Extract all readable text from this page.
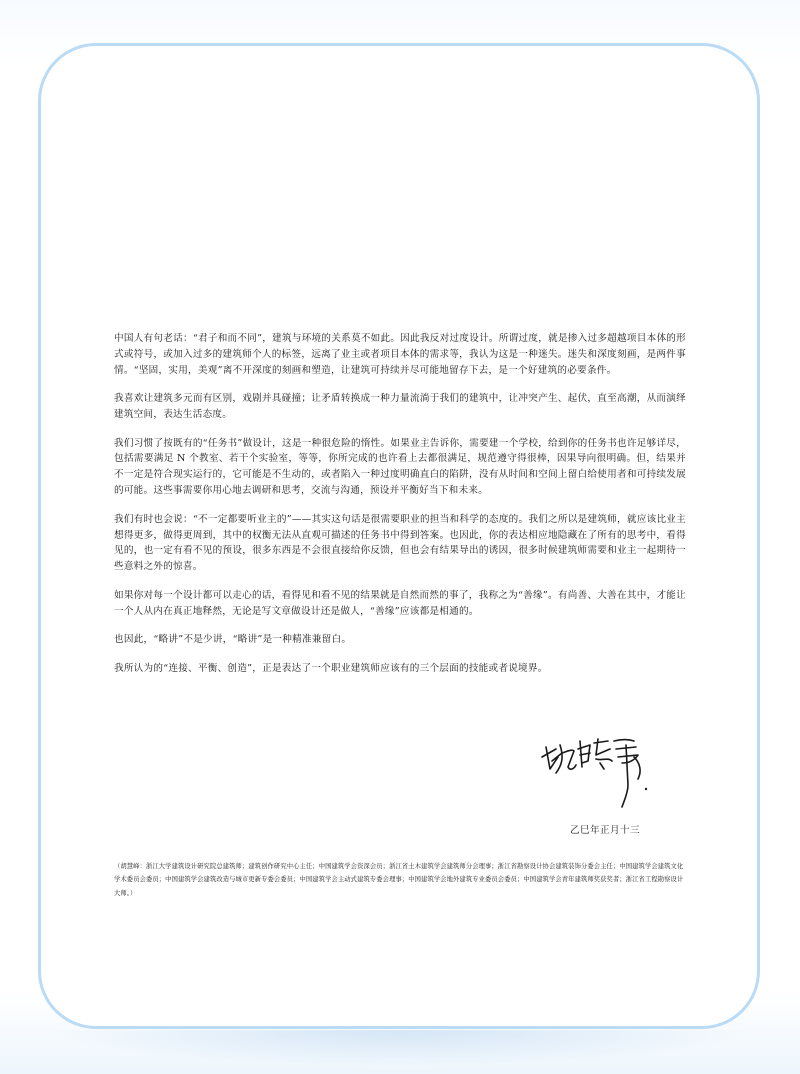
中国人有句老话：“君子和而不同”，建筑与环境的关系莫不如此。因此我反对过度设计。所谓过度，就是掺入过多超越项目本体的形式或符号，或加入过多的建筑师个人的标签，远离了业主或者项目本体的需求等，我认为这是一种迷失。迷失和深度刻画，是两件事情。“坚固，实用，美观”离不开深度的刻画和塑造，让建筑可持续并尽可能地留存下去，是一个好建筑的必要条件。

我喜欢让建筑多元而有区别，戏剧并具碰撞；让矛盾转换成一种力量流淌于我们的建筑中，让冲突产生、起伏，直至高潮，从而演绎建筑空间，表达生活态度。

我们习惯了按既有的“任务书”做设计，这是一种很危险的惰性。如果业主告诉你，需要建一个学校，给到你的任务书也许足够详尽，包括需要满足 N 个教室、若干个实验室，等等，你所完成的也许看上去都很满足，规范遵守得很棒，因果导向很明确。但，结果并不一定是符合现实运行的，它可能是不生动的，或者陷入一种过度明确直白的陷阱，没有从时间和空间上留白给使用者和可持续发展的可能。这些事需要你用心地去调研和思考，交流与沟通，预设并平衡好当下和未来。

我们有时也会说：“不一定都要听业主的”——其实这句话是很需要职业的担当和科学的态度的。我们之所以是建筑师，就应该比业主想得更多，做得更周到，其中的权衡无法从直观可描述的任务书中得到答案。也因此，你的表达相应地隐藏在了所有的思考中，看得见的，也一定有看不见的预设，很多东西是不会很直接给你反馈，但也会有结果导出的诱因，很多时候建筑师需要和业主一起期待一些意料之外的惊喜。

如果你对每一个设计都可以走心的话，看得见和看不见的结果就是自然而然的事了，我称之为“善缘”。有尚善、大善在其中，才能让一个人从内在真正地释然，无论是写文章做设计还是做人，“善缘”应该都是相通的。

也因此，“略讲”不是少讲，“略讲”是一种精准兼留白。

我所认为的“连接、平衡、创造”，正是表达了一个职业建筑师应该有的三个层面的技能或者说境界。

乙巳年正月十三
（胡慧峰：浙江大学建筑设计研究院总建筑师；建筑创作研究中心主任；中国建筑学会资深会员；浙江省土木建筑学会建筑师分会理事；浙江省勘察设计协会建筑装饰分委会主任；中国建筑学会建筑文化学术委员会委员；中国建筑学会建筑改造与城市更新专委会委员；中国建筑学会主动式建筑专委会理事；中国建筑学会地外建筑专业委员会委员；中国建筑学会青年建筑师奖获奖者；浙江省工程勘察设计大师。）
